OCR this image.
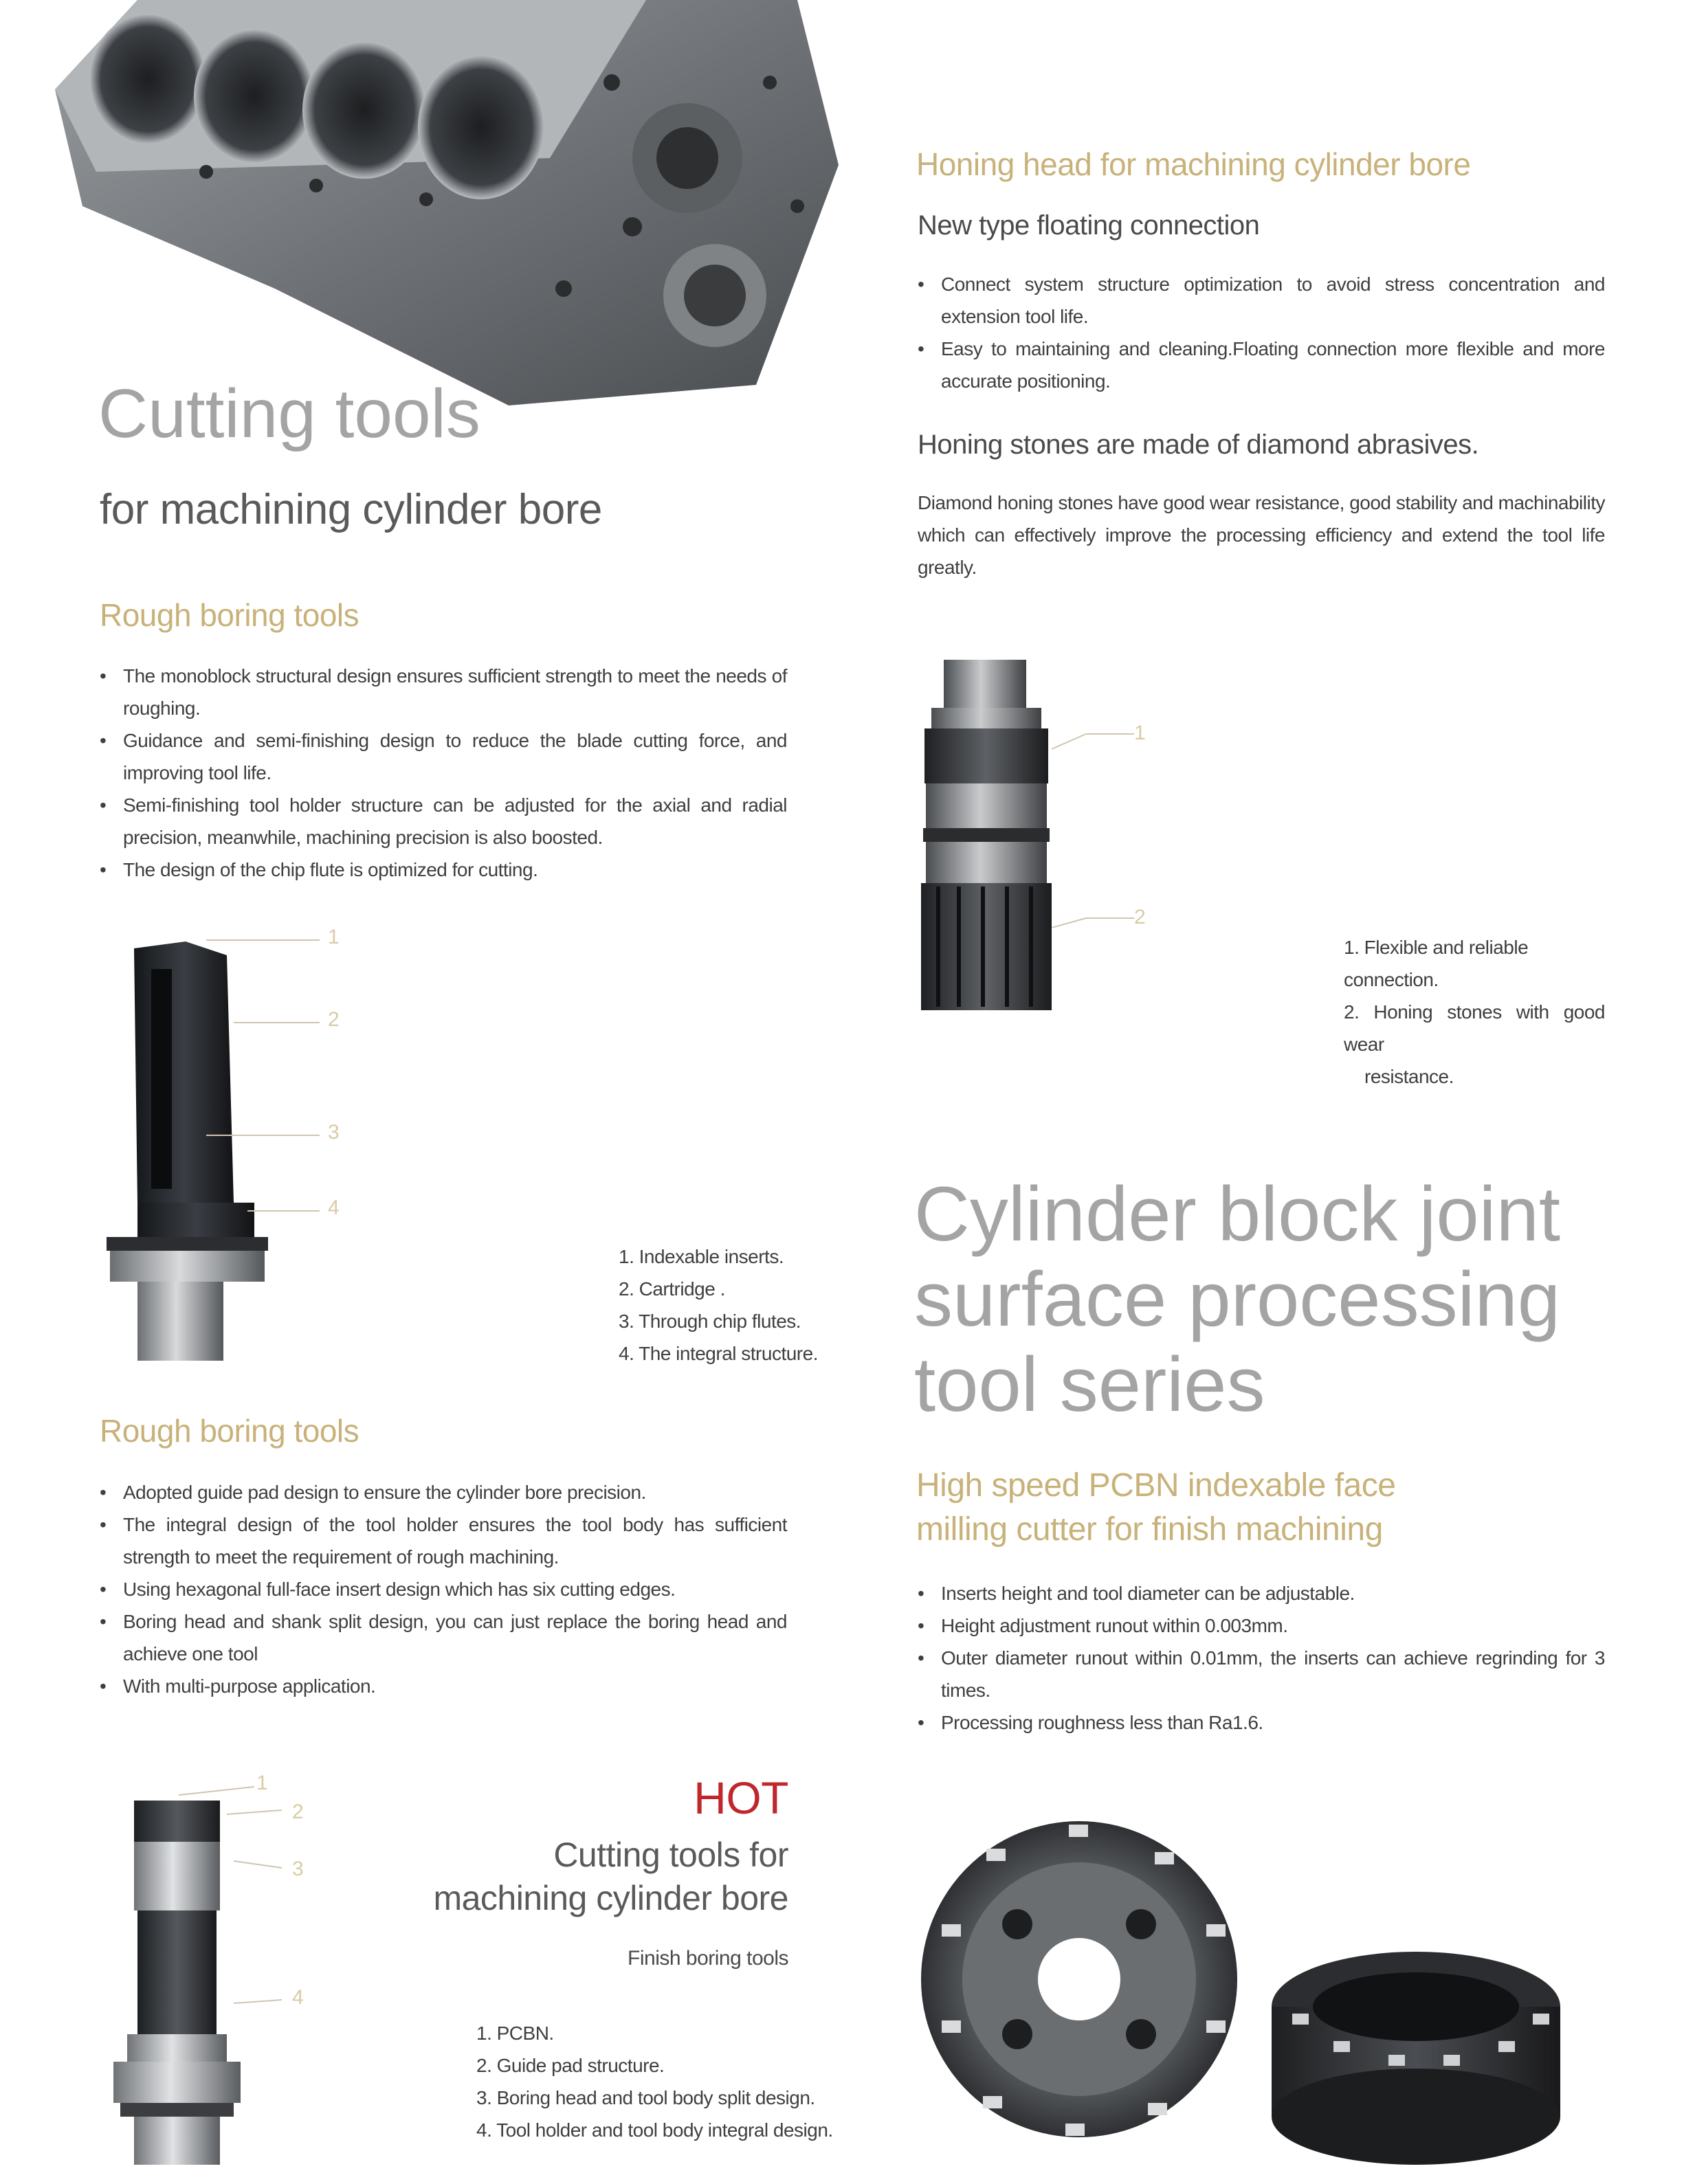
Cutting tools
for machining cylinder bore
Rough boring tools
• The monoblock structural design ensures sufficient strength to meet the needs of roughing.
• Guidance and semi-finishing design to reduce the blade cutting force, and improving tool life.
• Semi-finishing tool holder structure can be adjusted for the axial and radial precision, meanwhile, machining precision is also boosted.
• The design of the chip flute is optimized for cutting.
1
2
3
4
1. Indexable inserts.
2. Cartridge .
3. Through chip flutes.
4. The integral structure.
Rough boring tools
• Adopted guide pad design to ensure the cylinder bore precision.
• The integral design of the tool holder ensures the tool body has sufficient strength to meet the requirement of rough machining.
• Using hexagonal full-face insert design which has six cutting edges.
• Boring head and shank split design, you can just replace the boring head and achieve one tool
• With multi-purpose application.
1
2
3
4
HOT
Cutting tools for
machining cylinder bore
Finish boring tools
1. PCBN.
2. Guide pad structure.
3. Boring head and tool body split design.
4. Tool holder and tool body integral design.
Honing head for machining cylinder bore
New type floating connection
• Connect system structure optimization to avoid stress concentration and extension tool life.
• Easy to maintaining and cleaning.Floating connection more flexible and more accurate positioning.
Honing stones are made of diamond abrasives.
Diamond honing stones have good wear resistance, good stability and machinability which can effectively improve the processing efficiency and extend the tool life greatly.
1
2
1. Flexible and reliable connection.
2. Honing stones with good wear
resistance.
Cylinder block joint
surface processing
tool series
High speed PCBN indexable face
milling cutter for finish machining
• Inserts height and tool diameter can be adjustable.
• Height adjustment runout within 0.003mm.
• Outer diameter runout within 0.01mm, the inserts can achieve regrinding for 3 times.
• Processing roughness less than Ra1.6.
